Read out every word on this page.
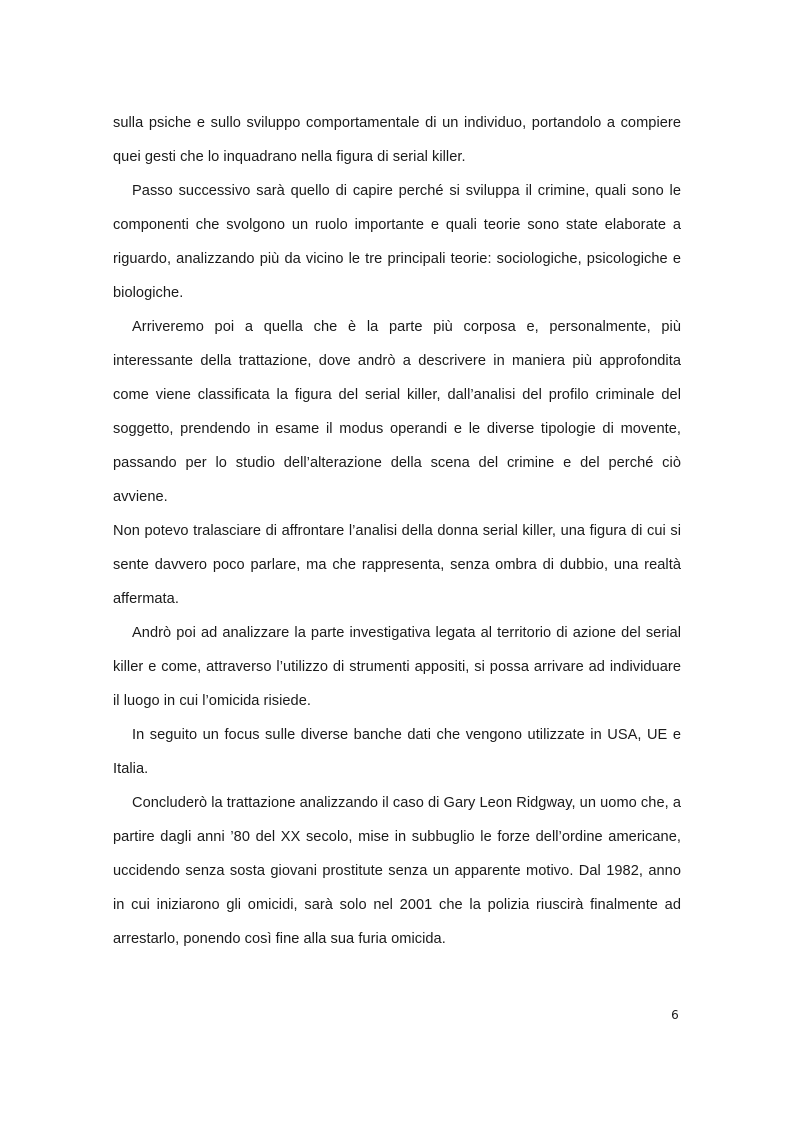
sulla psiche e sullo sviluppo comportamentale di un individuo, portandolo a compiere quei gesti che lo inquadrano nella figura di serial killer.

Passo successivo sarà quello di capire perché si sviluppa il crimine, quali sono le componenti che svolgono un ruolo importante e quali teorie sono state elaborate a riguardo, analizzando più da vicino le tre principali teorie: sociologiche, psicologiche e biologiche.

Arriveremo poi a quella che è la parte più corposa e, personalmente, più interessante della trattazione, dove andrò a descrivere in maniera più approfondita come viene classificata la figura del serial killer, dall’analisi del profilo criminale del soggetto, prendendo in esame il modus operandi e le diverse tipologie di movente, passando per lo studio dell’alterazione della scena del crimine e del perché ciò avviene.

Non potevo tralasciare di affrontare l’analisi della donna serial killer, una figura di cui si sente davvero poco parlare, ma che rappresenta, senza ombra di dubbio, una realtà affermata.

Andrò poi ad analizzare la parte investigativa legata al territorio di azione del serial killer e come, attraverso l’utilizzo di strumenti appositi, si possa arrivare ad individuare il luogo in cui l’omicida risiede.

In seguito un focus sulle diverse banche dati che vengono utilizzate in USA, UE e Italia.

Concluderò la trattazione analizzando il caso di Gary Leon Ridgway, un uomo che, a partire dagli anni ’80 del XX secolo, mise in subbuglio le forze dell’ordine americane, uccidendo senza sosta giovani prostitute senza un apparente motivo. Dal 1982, anno in cui iniziarono gli omicidi, sarà solo nel 2001 che la polizia riuscirà finalmente ad arrestarlo, ponendo così fine alla sua furia omicida.

6
